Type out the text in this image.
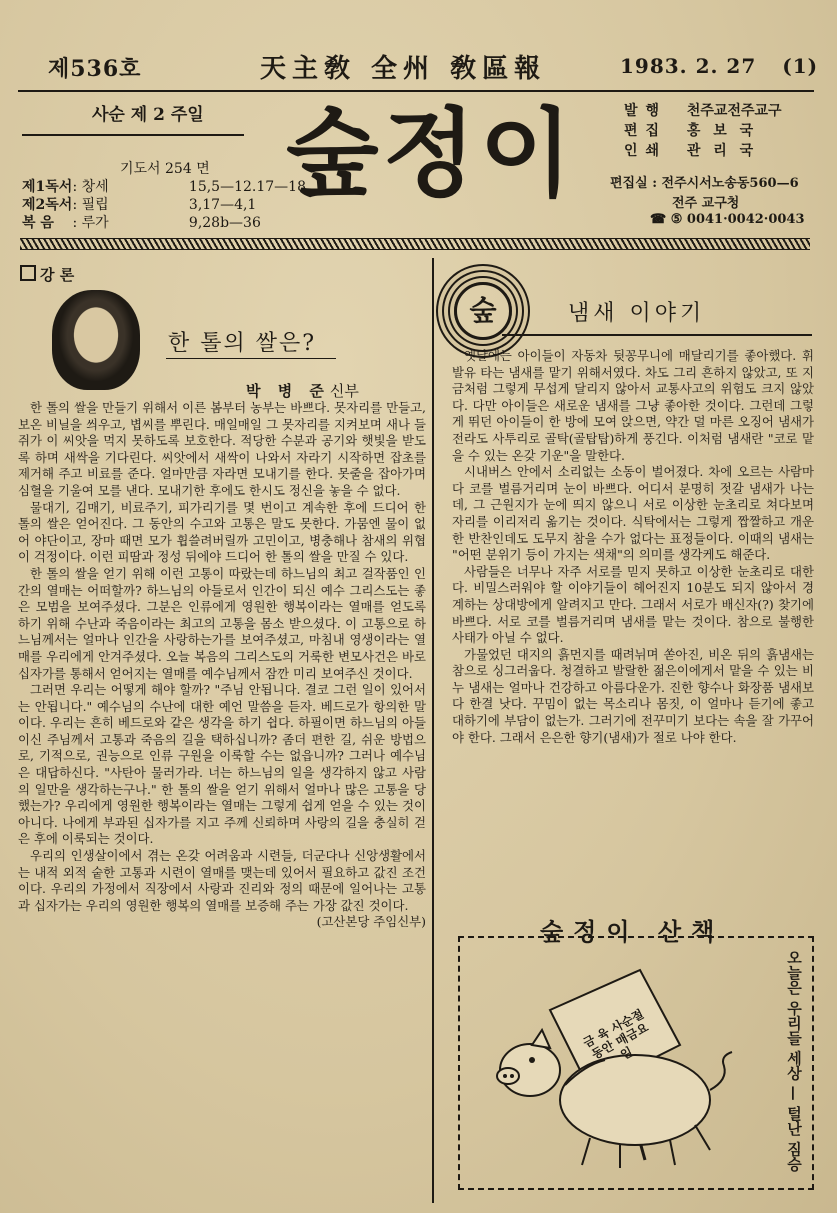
제536호	天主敎 全州 敎區報	1983. 2. 27 (1)
사순 제 2 주일
기도서 254 면
제1독서 : 창세	15,5—12.17—18
제2독서 : 필립	3,17—4,1
복 음 : 루가	9,28b—36
숲정이	발행 천주교전주교구
편집 홍 보 국
인쇄 관 리 국
편집실 : 전주시서노송동560—6
전주 교구청
☎ ⑤ 0041·0042·0043
강 론
한 톨의 쌀은?
박 병 준신부

한 톨의 쌀을 만들기 위해서 이른 봄부터 농부는 바쁘다. 못자리를 만들고, 보온 비닐을 씌우고, 볍씨를 뿌린다. 매일매일 그 못자리를 지켜보며 새나 들쥐가 이 씨앗을 먹지 못하도록 보호한다. 적당한 수분과 공기와 햇빛을 받도록 하며 새싹을 기다린다. 씨앗에서 새싹이 나와서 자라기 시작하면 잡초를 제거해 주고 비료를 준다. 얼마만큼 자라면 모내기를 한다. 못줄을 잡아가며 심혈을 기울여 모를 낸다. 모내기한 후에도 한시도 정신을 놓을 수 없다.

물대기, 김매기, 비료주기, 피가리기를 몇 번이고 계속한 후에 드디어 한 톨의 쌀은 얻어진다. 그 동안의 수고와 고통은 말도 못한다. 가뭄엔 물이 없어 야단이고, 장마 때면 모가 휩쓸려버릴까 고민이고, 병충해나 참새의 위협이 걱정이다. 이런 피땀과 정성 뒤에야 드디어 한 톨의 쌀을 만질 수 있다.

한 톨의 쌀을 얻기 위해 이런 고통이 따랐는데 하느님의 최고 걸작품인 인간의 열매는 어떠할까? 하느님의 아들로서 인간이 되신 예수 그리스도는 좋은 모범을 보여주셨다. 그분은 인류에게 영원한 행복이라는 열매를 얻도록 하기 위해 수난과 죽음이라는 최고의 고통을 몸소 받으셨다. 이 고통으로 하느님께서는 얼마나 인간을 사랑하는가를 보여주셨고, 마침내 영생이라는 열매를 우리에게 안겨주셨다. 오늘 복음의 그리스도의 거룩한 변모사건은 바로 십자가를 통해서 얻어지는 열매를 예수님께서 잠깐 미리 보여주신 것이다.

그러면 우리는 어떻게 해야 할까? "주님 안됩니다. 결코 그런 일이 있어서는 안됩니다." 예수님의 수난에 대한 예언 말씀을 듣자. 베드로가 항의한 말이다. 우리는 흔히 베드로와 같은 생각을 하기 쉽다. 하필이면 하느님의 아들이신 주님께서 고통과 죽음의 길을 택하십니까? 좀더 편한 길, 쉬운 방법으로, 기적으로, 권능으로 인류 구원을 이룩할 수는 없읍니까? 그러나 예수님은 대답하신다. "사탄아 물러가라. 너는 하느님의 일을 생각하지 않고 사람의 일만을 생각하는구나." 한 톨의 쌀을 얻기 위해서 얼마나 많은 고통을 당했는가? 우리에게 영원한 행복이라는 열매는 그렇게 쉽게 얻을 수 있는 것이 아니다. 나에게 부과된 십자가를 지고 주께 신뢰하며 사랑의 길을 충실히 걷은 후에 이룩되는 것이다.

우리의 인생살이에서 겪는 온갖 어려움과 시련들, 더군다나 신앙생활에서는 내적 외적 숱한 고통과 시련이 열매를 맺는데 있어서 필요하고 값진 조건이다. 우리의 가정에서 직장에서 사랑과 진리와 정의 때문에 일어나는 고통과 십자가는 우리의 영원한 행복의 열매를 보증해 주는 가장 값진 것이다.

(고산본당 주임신부)
숲	냄새 이야기

옛날에는 아이들이 자동차 뒷꽁무니에 매달리기를 좋아했다. 휘발유 타는 냄새를 맡기 위해서였다. 차도 그리 흔하지 않았고, 또 지금처럼 그렇게 무섭게 달리지 않아서 교통사고의 위험도 크지 않았다. 다만 아이들은 새로운 냄새를 그냥 좋아한 것이다. 그런데 그렇게 뛰던 아이들이 한 방에 모여 앉으면, 약간 덜 마른 오징어 냄새가 전라도 사투리로 골탁(골탑탑)하게 풍긴다. 이처럼 냄새란 "코로 맡을 수 있는 온갖 기운"을 말한다.

시내버스 안에서 소리없는 소동이 벌어졌다. 차에 오르는 사람마다 코를 벌름거리며 눈이 바쁘다. 어디서 분명히 젓갈 냄새가 나는데, 그 근원지가 눈에 띄지 않으니 서로 이상한 눈초리로 쳐다보며 자리를 이리저리 옮기는 것이다. 식탁에서는 그렇게 짭짤하고 개운한 반찬인데도 도무지 참을 수가 없다는 표정들이다. 이때의 냄새는 "어떤 분위기 등이 가지는 색채"의 의미를 생각케도 해준다.

사람들은 너무나 자주 서로를 믿지 못하고 이상한 눈초리로 대한다. 비밀스러워야 할 이야기들이 헤어진지 10분도 되지 않아서 경계하는 상대방에게 알려지고 만다. 그래서 서로가 배신자(?) 찾기에 바쁘다. 서로 코를 벌름거리며 냄새를 맡는 것이다. 참으로 불행한 사태가 아닐 수 없다.

가물었던 대지의 흙먼지를 때려뉘며 쏟아진, 비온 뒤의 흙냄새는 참으로 싱그러웁다. 청결하고 발랄한 젊은이에게서 맡을 수 있는 비누 냄새는 얼마나 건강하고 아름다운가. 진한 향수나 화장품 냄새보다 한결 낫다. 꾸밈이 없는 목소리나 몸짓, 이 얼마나 듣기에 좋고 대하기에 부담이 없는가. 그러기에 전꾸미기 보다는 속을 잘 가꾸어야 한다. 그래서 은은한 향기(냄새)가 절로 나야 한다.

숲정이 산책
금 육 사순절동안 매금요일	오늘은 우리들 세상 — 털난 짐승
